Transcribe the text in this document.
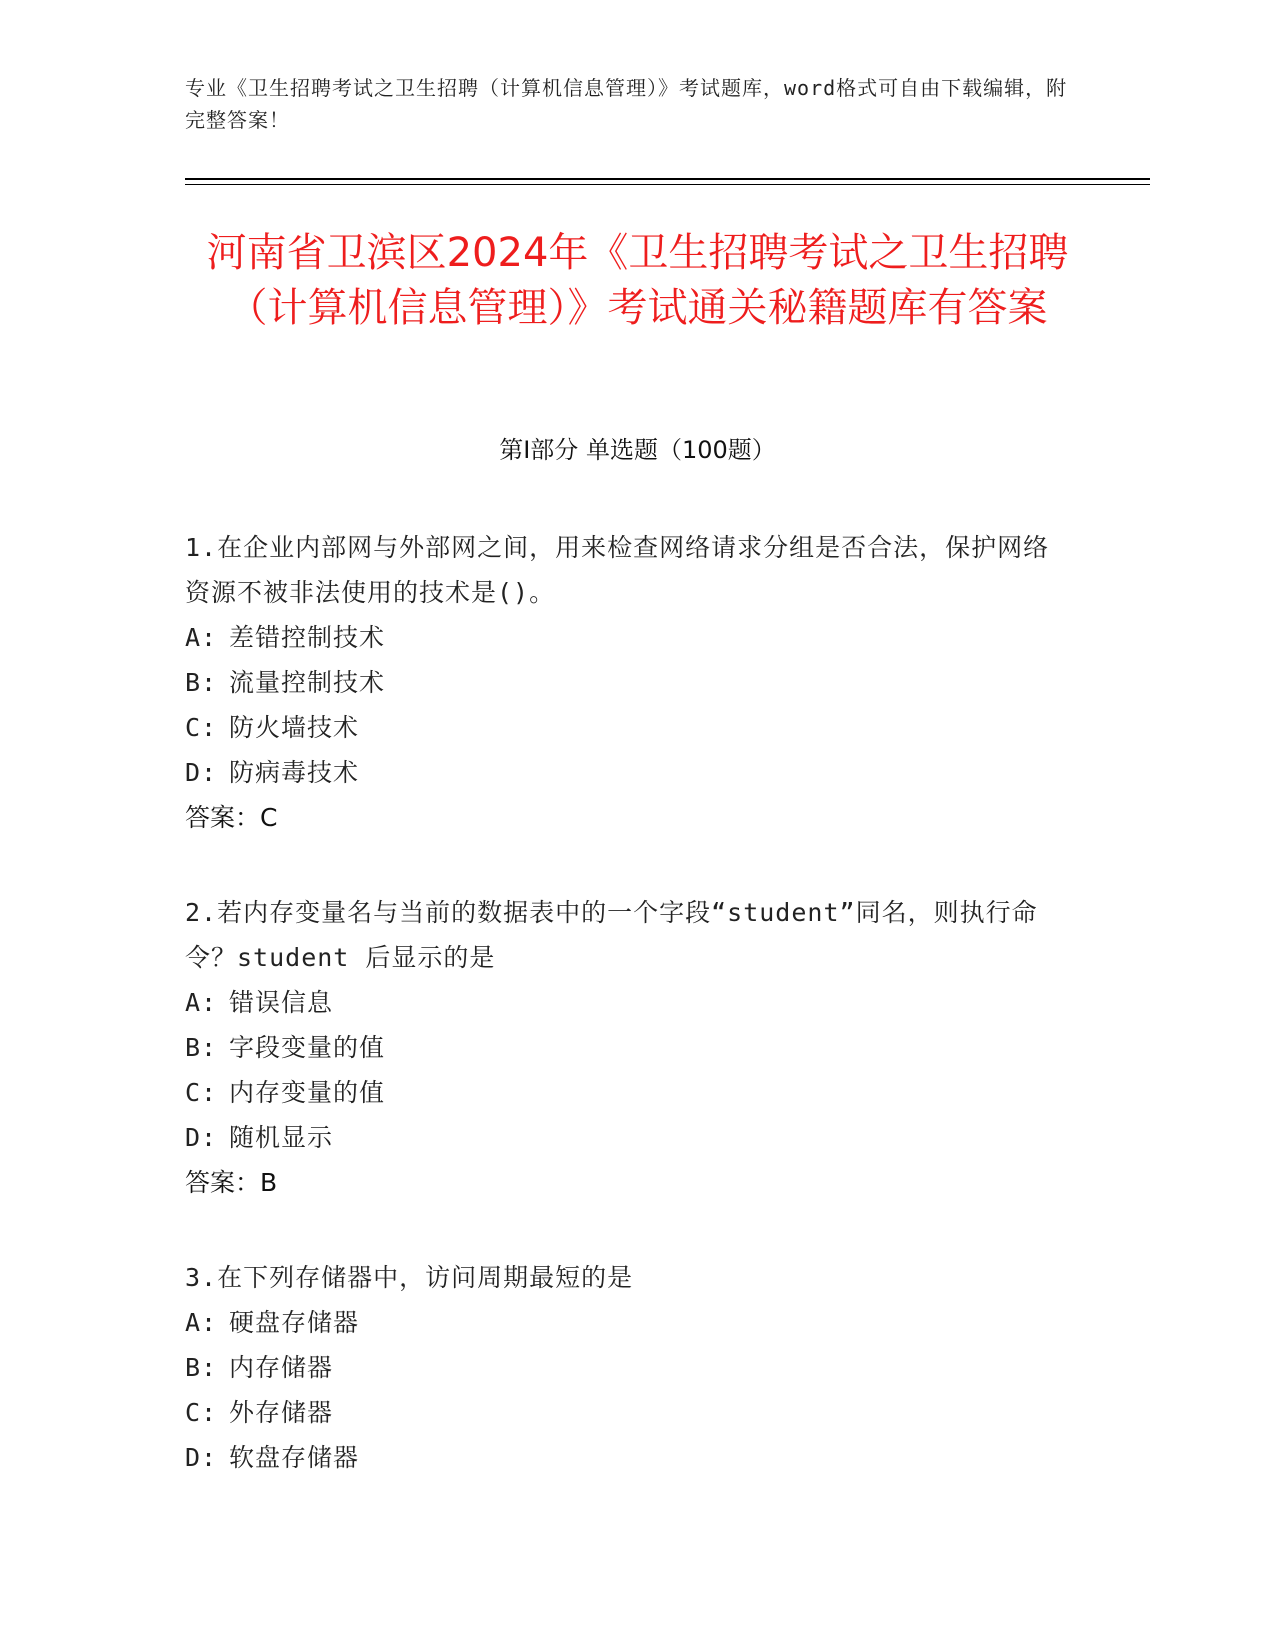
专业《卫生招聘考试之卫生招聘（计算机信息管理）》考试题库，word格式可自由下载编辑，附完整答案！
河南省卫滨区2024年《卫生招聘考试之卫生招聘（计算机信息管理）》考试通关秘籍题库有答案
第I部分 单选题（100题）
1.在企业内部网与外部网之间，用来检查网络请求分组是否合法，保护网络资源不被非法使用的技术是()。
A: 差错控制技术
B: 流量控制技术
C: 防火墙技术
D: 防病毒技术
答案：C
2.若内存变量名与当前的数据表中的一个字段“student”同名，则执行命令？student 后显示的是
A: 错误信息
B: 字段变量的值
C: 内存变量的值
D: 随机显示
答案：B
3.在下列存储器中，访问周期最短的是
A: 硬盘存储器
B: 内存储器
C: 外存储器
D: 软盘存储器
